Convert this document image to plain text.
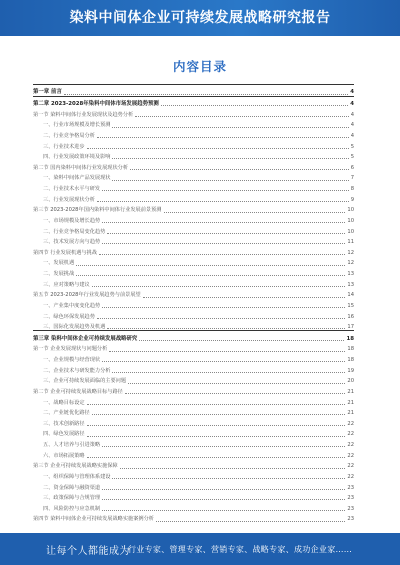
染料中间体企业可持续发展战略研究报告
内容目录
第一章 前言	4
第二章 2023-2028年染料中间体市场发展趋势预测	4
第一节 染料中间体行业发展现状及趋势分析	4
一、行业市场规模及增长预测	4
二、行业竞争格局分析	4
三、行业技术进步	5
四、行业发展政策环境及影响	5
第二节 国内染料中间体行业发展现状分析	6
一、染料中间体产品发展现状	7
二、行业技术水平与研发	8
三、行业发展现状分析	9
第三节 2023-2028年国内染料中间体行业发展前景预测	10
一、市场规模及增长趋势	10
二、行业竞争格局变化趋势	10
三、技术发展方向与趋势	11
第四节 行业发展机遇与挑战	12
一、发展机遇	12
二、发展挑战	13
三、应对策略与建议	13
第五节 2023-2028年行业发展趋势与前景展望	14
一、产业集中度变化趋势	15
二、绿色环保发展趋势	16
三、国际化发展趋势及机遇	17
第三章 染料中间体企业可持续发展战略研究	18
第一节 企业发展现状与问题分析	18
一、企业规模与经营现状	18
二、企业技术与研发能力分析	19
三、企业可持续发展面临的主要问题	20
第二节 企业可持续发展战略目标与路径	21
一、战略目标设定	21
二、产业链优化路径	21
三、技术创新路径	22
四、绿色发展路径	22
五、人才培养与引进策略	22
六、市场拓展策略	22
第三节 企业可持续发展战略实施保障	22
一、组织保障与管理体系建设	22
二、资金保障与融资渠道	23
三、政策保障与合规管理	23
四、风险防控与应急机制	23
第四节 染料中间体企业可持续发展战略实施案例分析	23
让每个人都能成为
行业专家、管理专家、营销专家、战略专家、成功企业家……
